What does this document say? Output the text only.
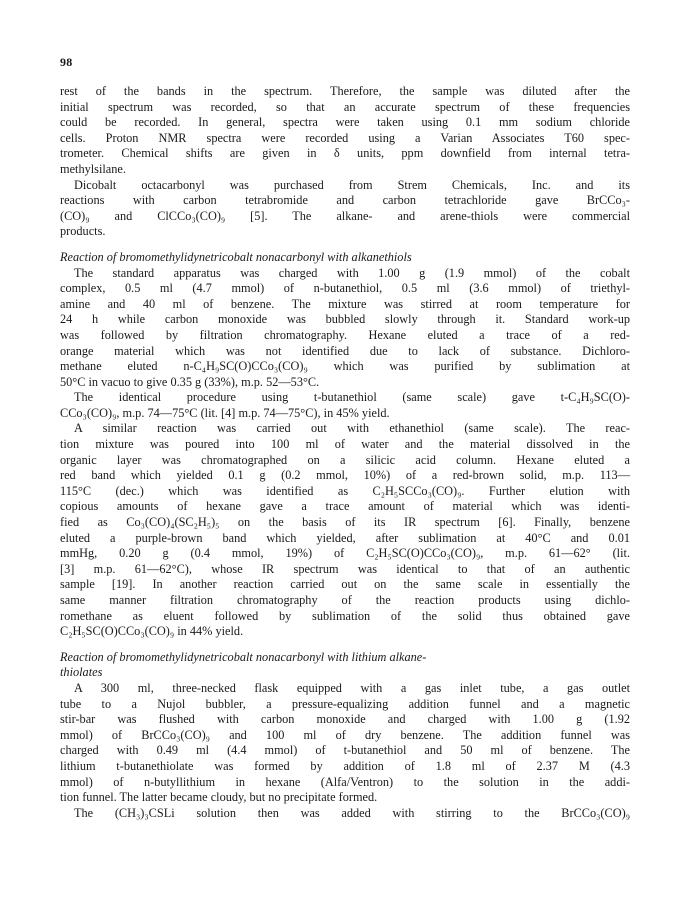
98
rest of the bands in the spectrum. Therefore, the sample was diluted after the
initial spectrum was recorded, so that an accurate spectrum of these frequencies
could be recorded. In general, spectra were taken using 0.1 mm sodium chloride
cells. Proton NMR spectra were recorded using a Varian Associates T60 spec-
trometer. Chemical shifts are given in δ units, ppm downfield from internal tetra-
methylsilane.
Dicobalt octacarbonyl was purchased from Strem Chemicals, Inc. and its
reactions with carbon tetrabromide and carbon tetrachloride gave BrCCo₃-
(CO)₉ and ClCCo₃(CO)₉ [5]. The alkane- and arene-thiols were commercial
products.
Reaction of bromomethylidynetricobalt nonacarbonyl with alkanethiols
The standard apparatus was charged with 1.00 g (1.9 mmol) of the cobalt
complex, 0.5 ml (4.7 mmol) of n-butanethiol, 0.5 ml (3.6 mmol) of triethyl-
amine and 40 ml of benzene. The mixture was stirred at room temperature for
24 h while carbon monoxide was bubbled slowly through it. Standard work-up
was followed by filtration chromatography. Hexane eluted a trace of a red-
orange material which was not identified due to lack of substance. Dichloro-
methane eluted n-C₄H₉SC(O)CCo₃(CO)₉ which was purified by sublimation at
50°C in vacuo to give 0.35 g (33%), m.p. 52—53°C.
The identical procedure using t-butanethiol (same scale) gave t-C₄H₉SC(O)-
CCo₃(CO)₉, m.p. 74—75°C (lit. [4] m.p. 74—75°C), in 45% yield.
A similar reaction was carried out with ethanethiol (same scale). The reac-
tion mixture was poured into 100 ml of water and the material dissolved in the
organic layer was chromatographed on a silicic acid column. Hexane eluted a
red band which yielded 0.1 g (0.2 mmol, 10%) of a red-brown solid, m.p. 113—
115°C (dec.) which was identified as C₂H₅SCCo₃(CO)₉. Further elution with
copious amounts of hexane gave a trace amount of material which was identi-
fied as Co₃(CO)₄(SC₂H₅)₅ on the basis of its IR spectrum [6]. Finally, benzene
eluted a purple-brown band which yielded, after sublimation at 40°C and 0.01
mmHg, 0.20 g (0.4 mmol, 19%) of C₂H₅SC(O)CCo₃(CO)₉, m.p. 61—62° (lit.
[3] m.p. 61—62°C), whose IR spectrum was identical to that of an authentic
sample [19]. In another reaction carried out on the same scale in essentially the
same manner filtration chromatography of the reaction products using dichlo-
romethane as eluent followed by sublimation of the solid thus obtained gave
C₂H₅SC(O)CCo₃(CO)₉ in 44% yield.
Reaction of bromomethylidynetricobalt nonacarbonyl with lithium alkane-
thiolates
A 300 ml, three-necked flask equipped with a gas inlet tube, a gas outlet
tube to a Nujol bubbler, a pressure-equalizing addition funnel and a magnetic
stir-bar was flushed with carbon monoxide and charged with 1.00 g (1.92
mmol) of BrCCo₃(CO)₉ and 100 ml of dry benzene. The addition funnel was
charged with 0.49 ml (4.4 mmol) of t-butanethiol and 50 ml of benzene. The
lithium t-butanethiolate was formed by addition of 1.8 ml of 2.37 M (4.3
mmol) of n-butyllithium in hexane (Alfa/Ventron) to the solution in the addi-
tion funnel. The latter became cloudy, but no precipitate formed.
The (CH₃)₃CSLi solution then was added with stirring to the BrCCo₃(CO)₉
